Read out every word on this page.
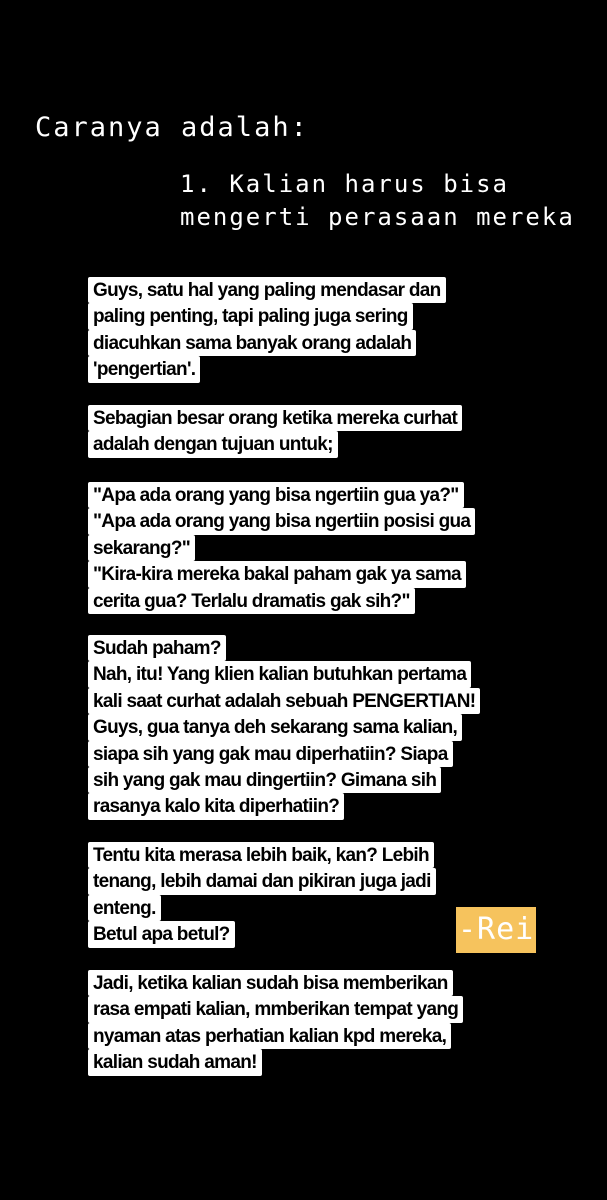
Caranya adalah:

1. Kalian harus bisa mengerti perasaan mereka

Guys, satu hal yang paling mendasar dan
paling penting, tapi paling juga sering
diacuhkan sama banyak orang adalah
'pengertian'.
Sebagian besar orang ketika mereka curhat
adalah dengan tujuan untuk;
"Apa ada orang yang bisa ngertiin gua ya?"
"Apa ada orang yang bisa ngertiin posisi gua
sekarang?"
"Kira-kira mereka bakal paham gak ya sama
cerita gua? Terlalu dramatis gak sih?"
Sudah paham?
Nah, itu! Yang klien kalian butuhkan pertama
kali saat curhat adalah sebuah PENGERTIAN!
Guys, gua tanya deh sekarang sama kalian,
siapa sih yang gak mau diperhatiin? Siapa
sih yang gak mau dingertiin? Gimana sih
rasanya kalo kita diperhatiin?
Tentu kita merasa lebih baik, kan? Lebih
tenang, lebih damai dan pikiran juga jadi
enteng.
Betul apa betul?
Jadi, ketika kalian sudah bisa memberikan
rasa empati kalian, mmberikan tempat yang
nyaman atas perhatian kalian kpd mereka,
kalian sudah aman!
-Rei
